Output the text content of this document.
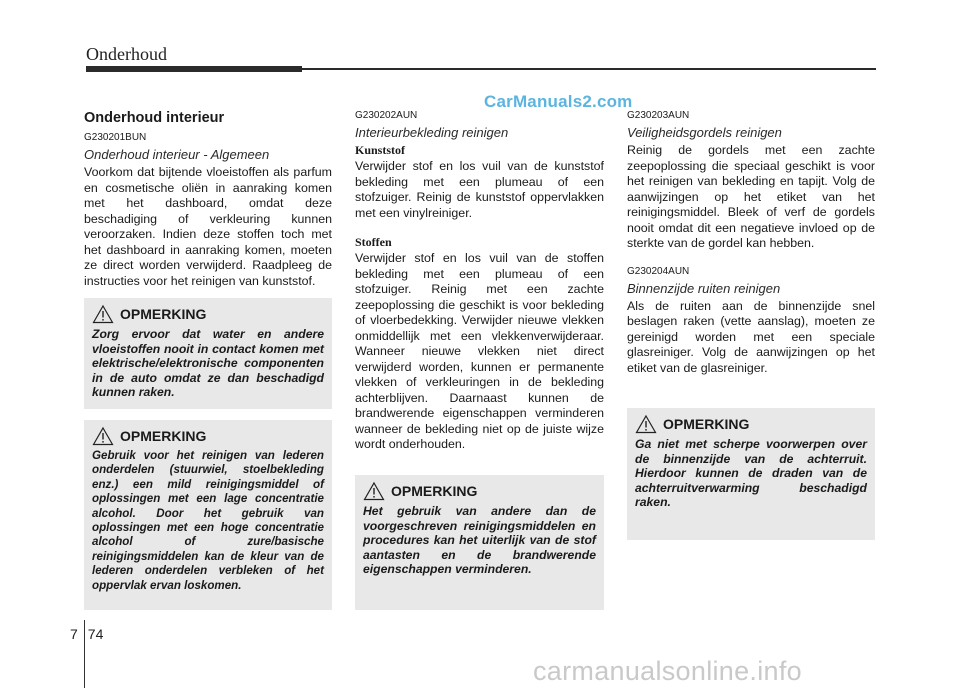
Onderhoud
CarManuals2.com
Onderhoud interieur
G230201BUN
Onderhoud interieur - Algemeen

Voorkom dat bijtende vloeistoffen als parfum en cosmetische oliën in aanraking komen met het dashboard, omdat deze beschadiging of verkleuring kunnen veroorzaken. Indien deze stoffen toch met het dashboard in aanraking komen, moeten ze direct worden verwijderd. Raadpleeg de instructies voor het reinigen van kunststof.

G230202AUN
Interieurbekleding reinigen
Kunststof

Verwijder stof en los vuil van de kunststof bekleding met een plumeau of een stofzuiger. Reinig de kunststof oppervlakken met een vinylreiniger.

Stoffen

Verwijder stof en los vuil van de stoffen bekleding met een plumeau of een stofzuiger. Reinig met een zachte zeepoplossing die geschikt is voor bekleding of vloerbedekking. Verwijder nieuwe vlekken onmiddellijk met een vlekkenverwijderaar. Wanneer nieuwe vlekken niet direct verwijderd worden, kunnen er permanente vlekken of verkleuringen in de bekleding achterblijven. Daarnaast kunnen de brandwerende eigenschappen verminderen wanneer de bekleding niet op de juiste wijze wordt onderhouden.

G230203AUN
Veiligheidsgordels reinigen

Reinig de gordels met een zachte zeepoplossing die speciaal geschikt is voor het reinigen van bekleding en tapijt. Volg de aanwijzingen op het etiket van het reinigingsmiddel. Bleek of verf de gordels nooit omdat dit een negatieve invloed op de sterkte van de gordel kan hebben.

G230204AUN
Binnenzijde ruiten reinigen

Als de ruiten aan de binnenzijde snel beslagen raken (vette aanslag), moeten ze gereinigd worden met een speciale glasreiniger. Volg de aanwijzingen op het etiket van de glasreiniger.

OPMERKING
Zorg ervoor dat water en andere vloeistoffen nooit in contact komen met elektrische/elektronische componenten in de auto omdat ze dan beschadigd kunnen raken.
OPMERKING
Gebruik voor het reinigen van lederen onderdelen (stuurwiel, stoelbekleding enz.) een mild reinigingsmiddel of oplossingen met een lage concentratie alcohol. Door het gebruik van oplossingen met een hoge concentratie alcohol of zure/basische reinigingsmiddelen kan de kleur van de lederen onderdelen verbleken of het oppervlak ervan loskomen.
OPMERKING
Het gebruik van andere dan de voorgeschreven reinigingsmiddelen en procedures kan het uiterlijk van de stof aantasten en de brandwerende eigenschappen verminderen.
OPMERKING
Ga niet met scherpe voorwerpen over de binnenzijde van de achterruit. Hierdoor kunnen de draden van de achterruitverwarming beschadigd raken.
7 74
carmanualsonline.info
